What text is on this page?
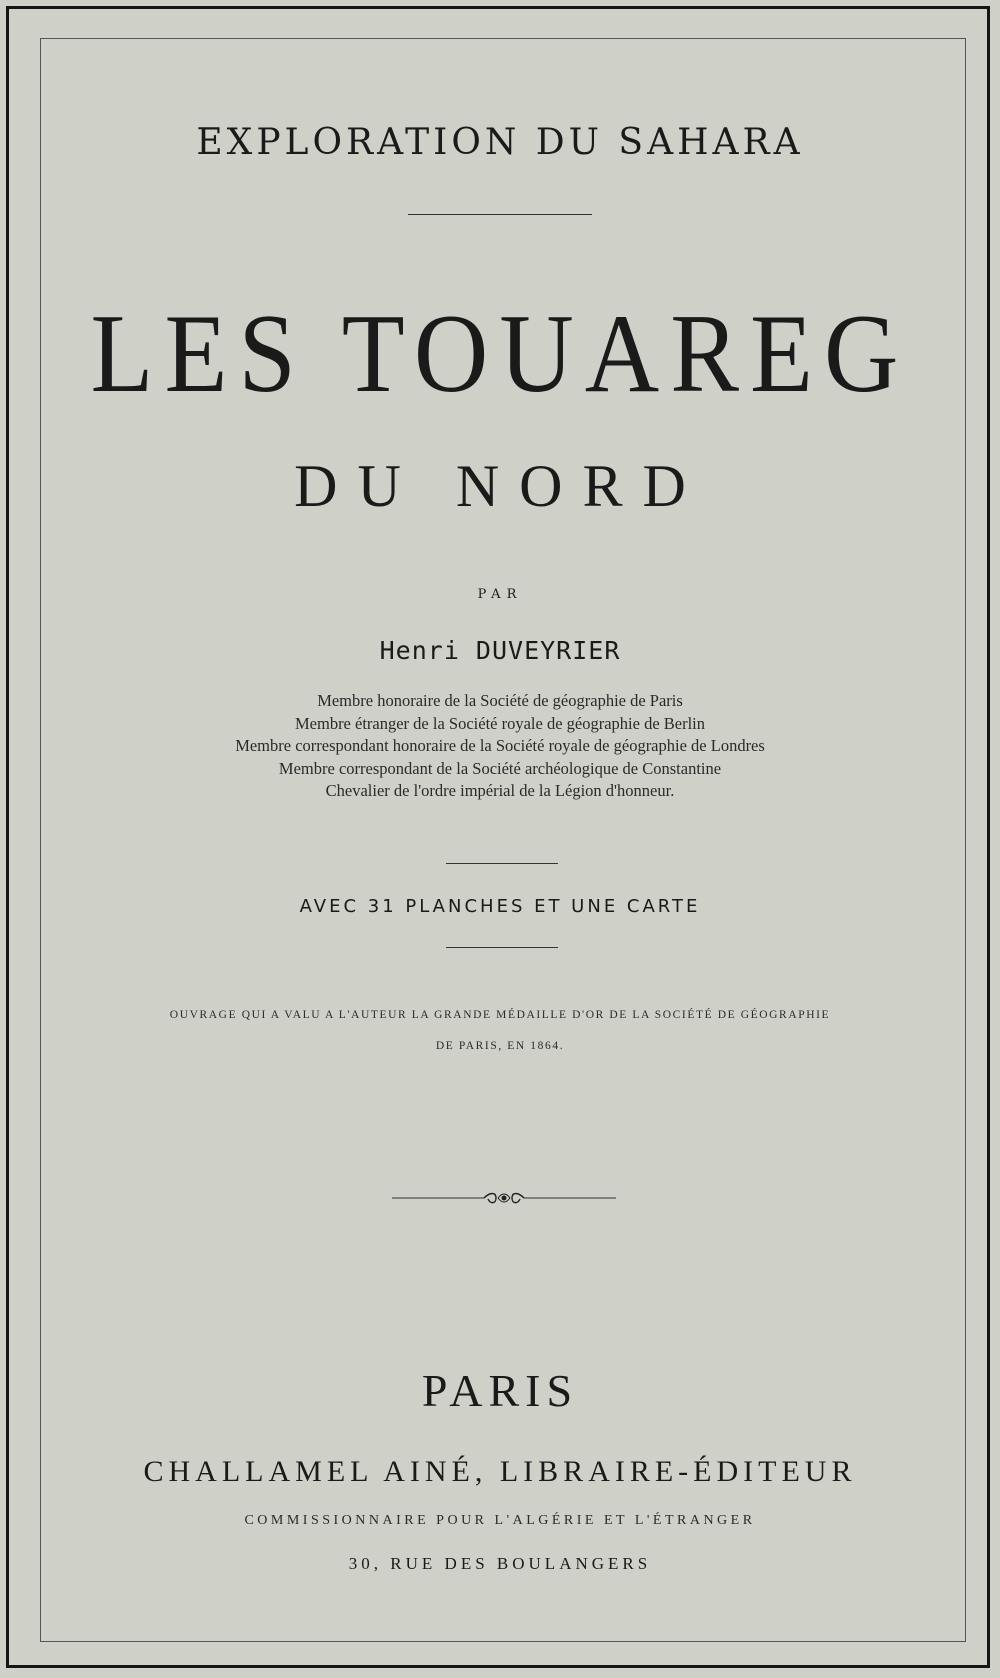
EXPLORATION DU SAHARA
LES TOUAREG
DU NORD
PAR
Henri DUVEYRIER
Membre honoraire de la Société de géographie de Paris
Membre étranger de la Société royale de géographie de Berlin
Membre correspondant honoraire de la Société royale de géographie de Londres
Membre correspondant de la Société archéologique de Constantine
Chevalier de l'ordre impérial de la Légion d'honneur.
AVEC 31 PLANCHES ET UNE CARTE
OUVRAGE QUI A VALU A L'AUTEUR LA GRANDE MÉDAILLE D'OR DE LA SOCIÉTÉ DE GÉOGRAPHIE
DE PARIS, EN 1864.
PARIS
CHALLAMEL AINÉ, LIBRAIRE-ÉDITEUR
COMMISSIONNAIRE POUR L'ALGÉRIE ET L'ÉTRANGER
30, RUE DES BOULANGERS
